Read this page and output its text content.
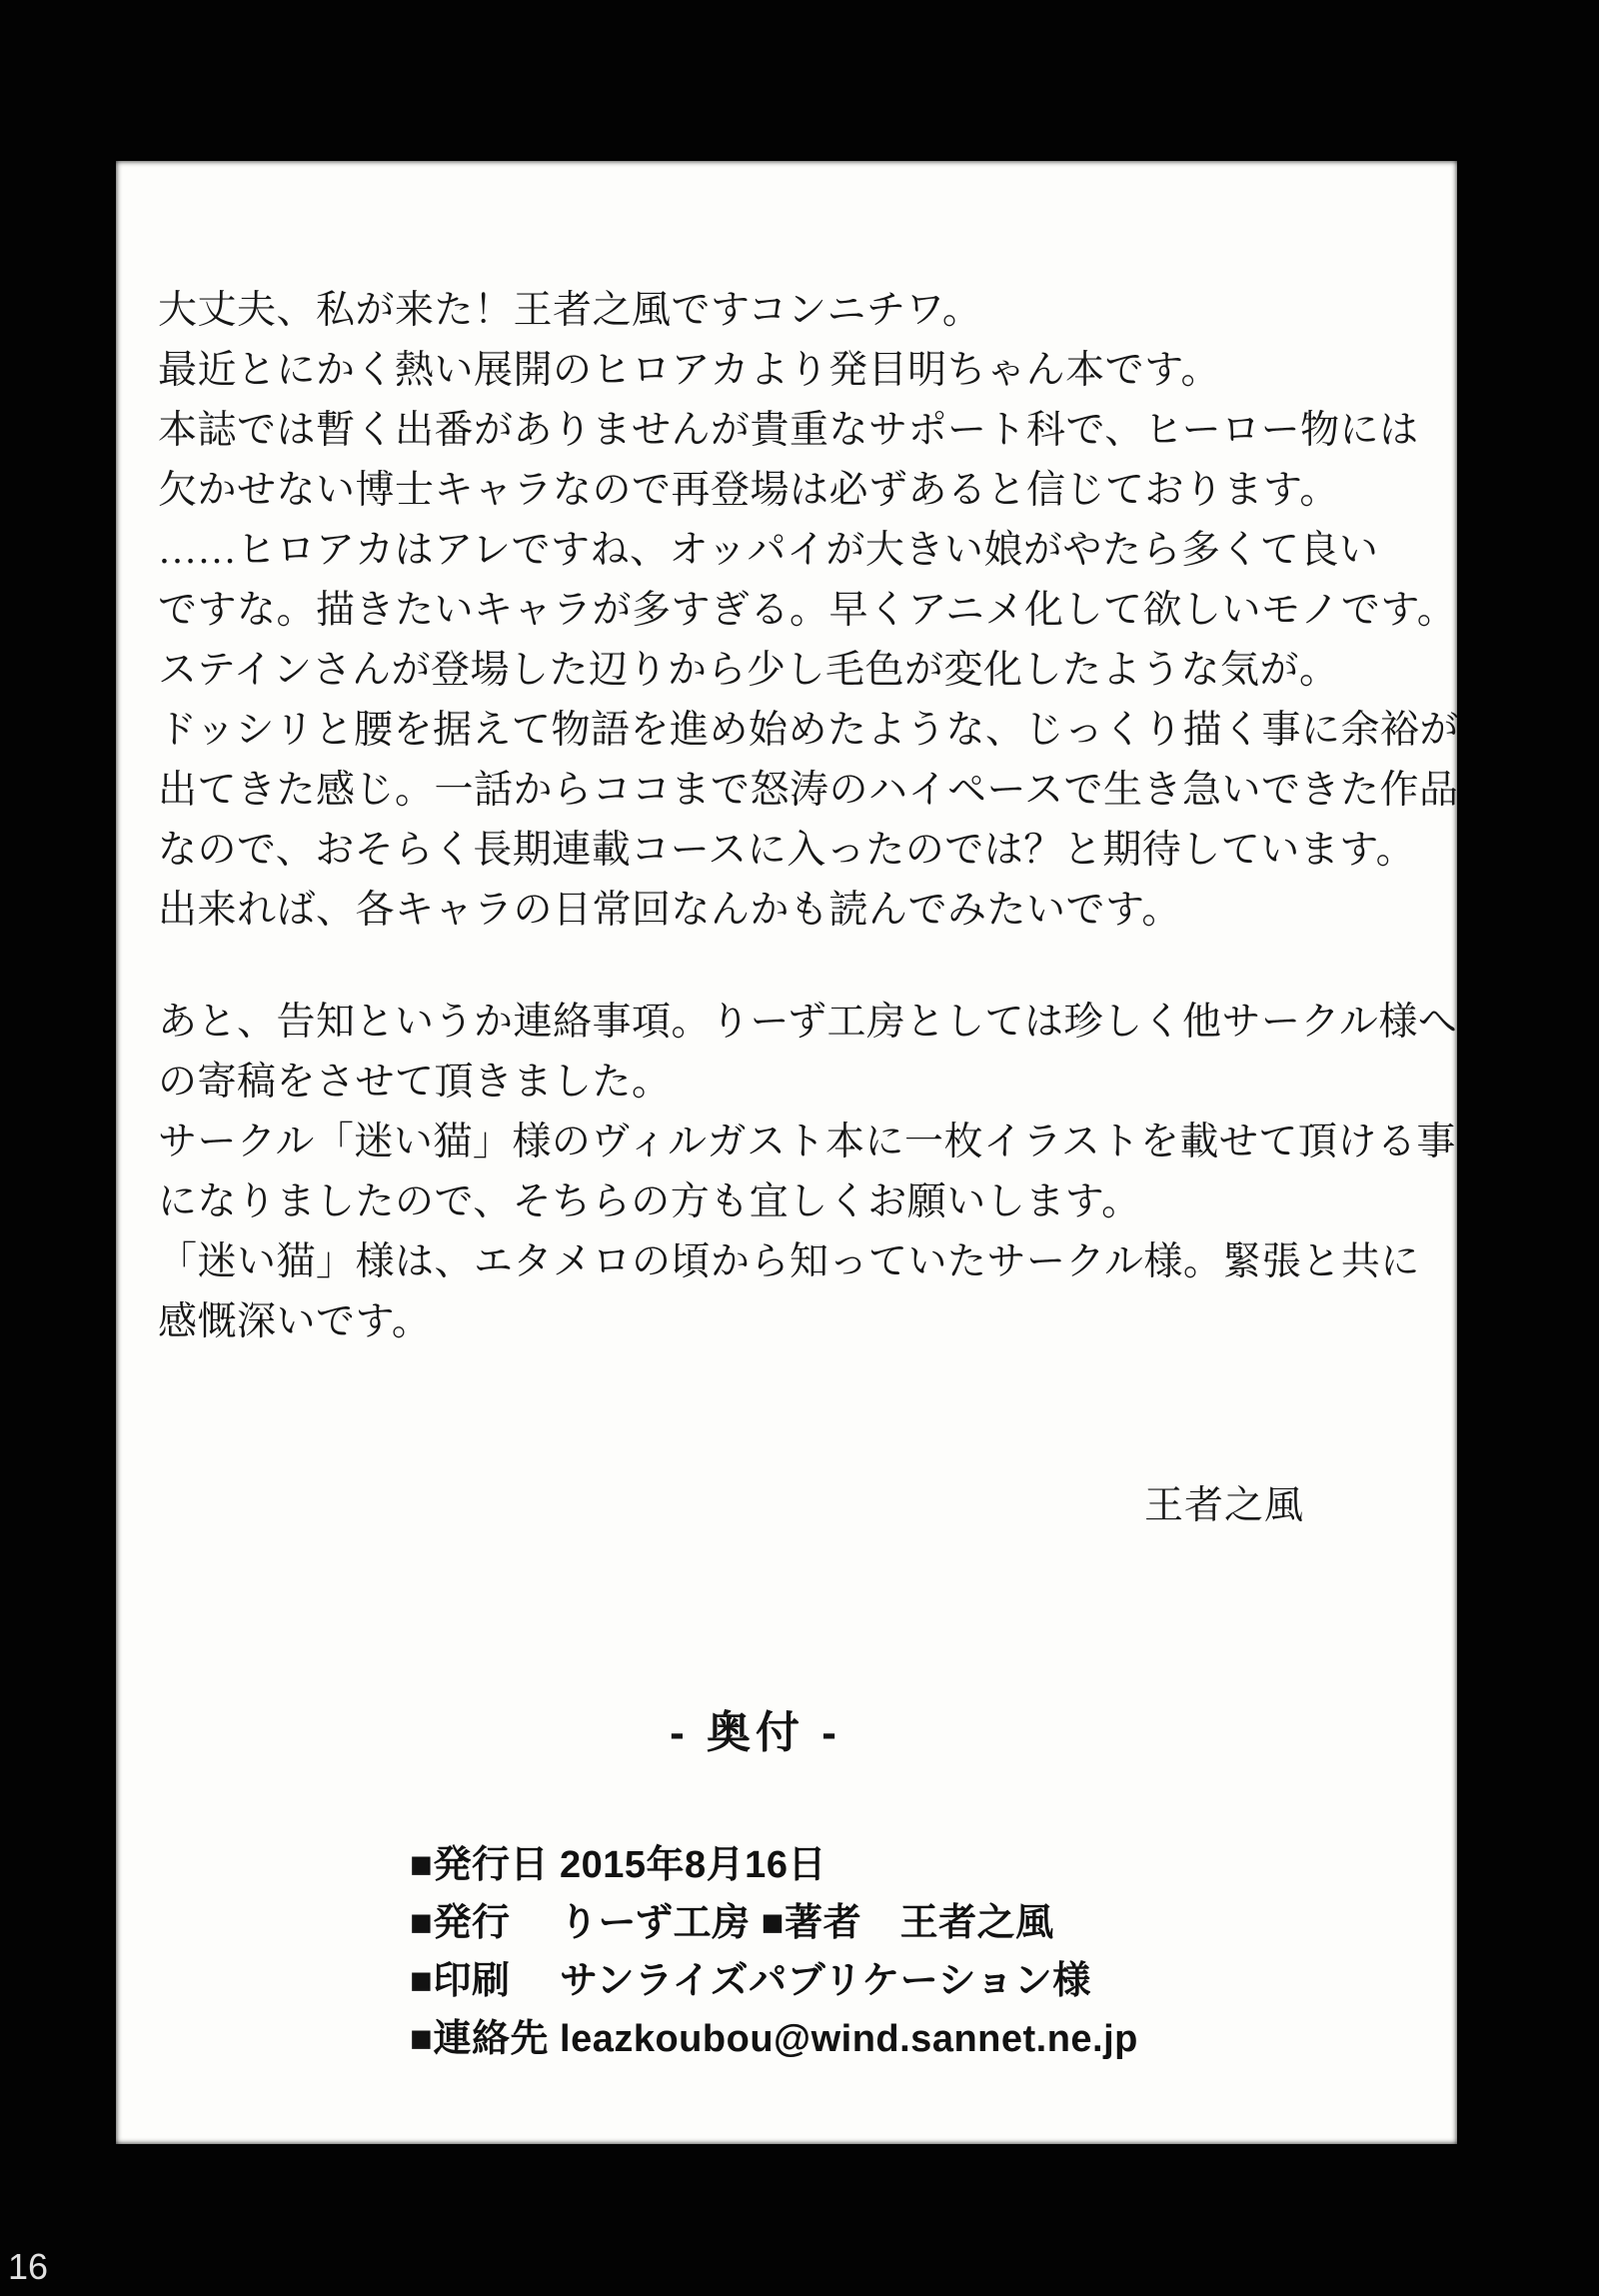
大丈夫、私が来た！王者之風ですコンニチワ。
最近とにかく熱い展開のヒロアカより発目明ちゃん本です。
本誌では暫く出番がありませんが貴重なサポート科で、ヒーロー物には
欠かせない博士キャラなので再登場は必ずあると信じております。
……ヒロアカはアレですね、オッパイが大きい娘がやたら多くて良い
ですな。描きたいキャラが多すぎる。早くアニメ化して欲しいモノです。
ステインさんが登場した辺りから少し毛色が変化したような気が。
ドッシリと腰を据えて物語を進め始めたような、じっくり描く事に余裕が
出てきた感じ。一話からココまで怒涛のハイペースで生き急いできた作品
なので、おそらく長期連載コースに入ったのでは？と期待しています。
出来れば、各キャラの日常回なんかも読んでみたいです。
あと、告知というか連絡事項。りーず工房としては珍しく他サークル様へ
の寄稿をさせて頂きました。
サークル「迷い猫」様のヴィルガスト本に一枚イラストを載せて頂ける事
になりましたので、そちらの方も宜しくお願いします。
「迷い猫」様は、エタメロの頃から知っていたサークル様。緊張と共に
感慨深いです。
王者之風
- 奥付 -
■発行日 2015年8月16日
■発行　 りーず工房 ■著者　王者之風
■印刷　 サンライズパブリケーション様
■連絡先 leazkoubou@wind.sannet.ne.jp
16
